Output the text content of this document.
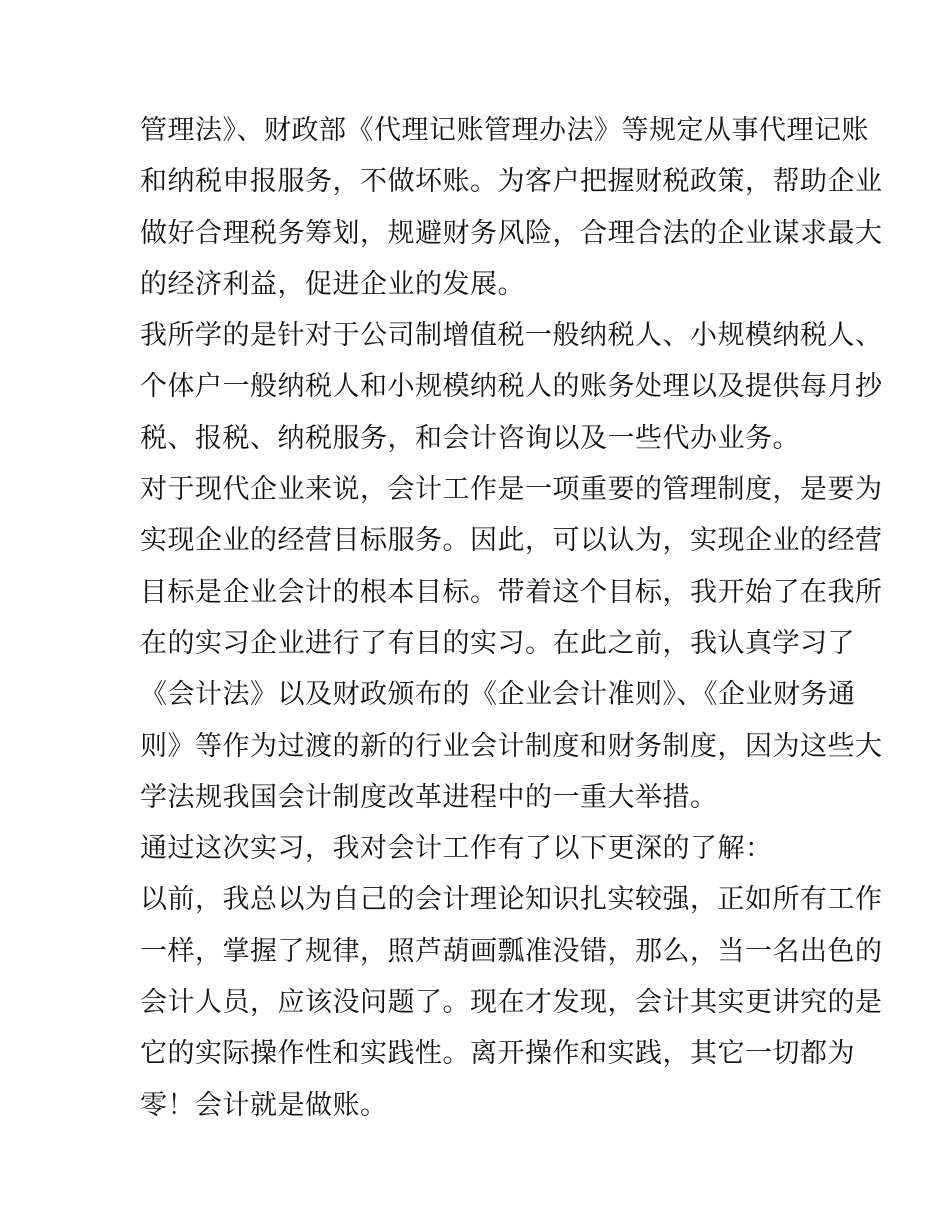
管理法》、财政部《代理记账管理办法》等规定从事代理记账
和纳税申报服务，不做坏账。为客户把握财税政策，帮助企业
做好合理税务筹划，规避财务风险，合理合法的企业谋求最大
的经济利益，促进企业的发展。
我所学的是针对于公司制增值税一般纳税人、小规模纳税人、
个体户一般纳税人和小规模纳税人的账务处理以及提供每月抄
税、报税、纳税服务，和会计咨询以及一些代办业务。
对于现代企业来说，会计工作是一项重要的管理制度，是要为
实现企业的经营目标服务。因此，可以认为，实现企业的经营
目标是企业会计的根本目标。带着这个目标，我开始了在我所
在的实习企业进行了有目的实习。在此之前，我认真学习了
《会计法》以及财政颁布的《企业会计准则》、《企业财务通
则》等作为过渡的新的行业会计制度和财务制度，因为这些大
学法规我国会计制度改革进程中的一重大举措。
通过这次实习，我对会计工作有了以下更深的了解：
以前，我总以为自己的会计理论知识扎实较强，正如所有工作
一样，掌握了规律，照芦葫画瓢准没错，那么，当一名出色的
会计人员，应该没问题了。现在才发现，会计其实更讲究的是
它的实际操作性和实践性。离开操作和实践，其它一切都为
零！会计就是做账。
